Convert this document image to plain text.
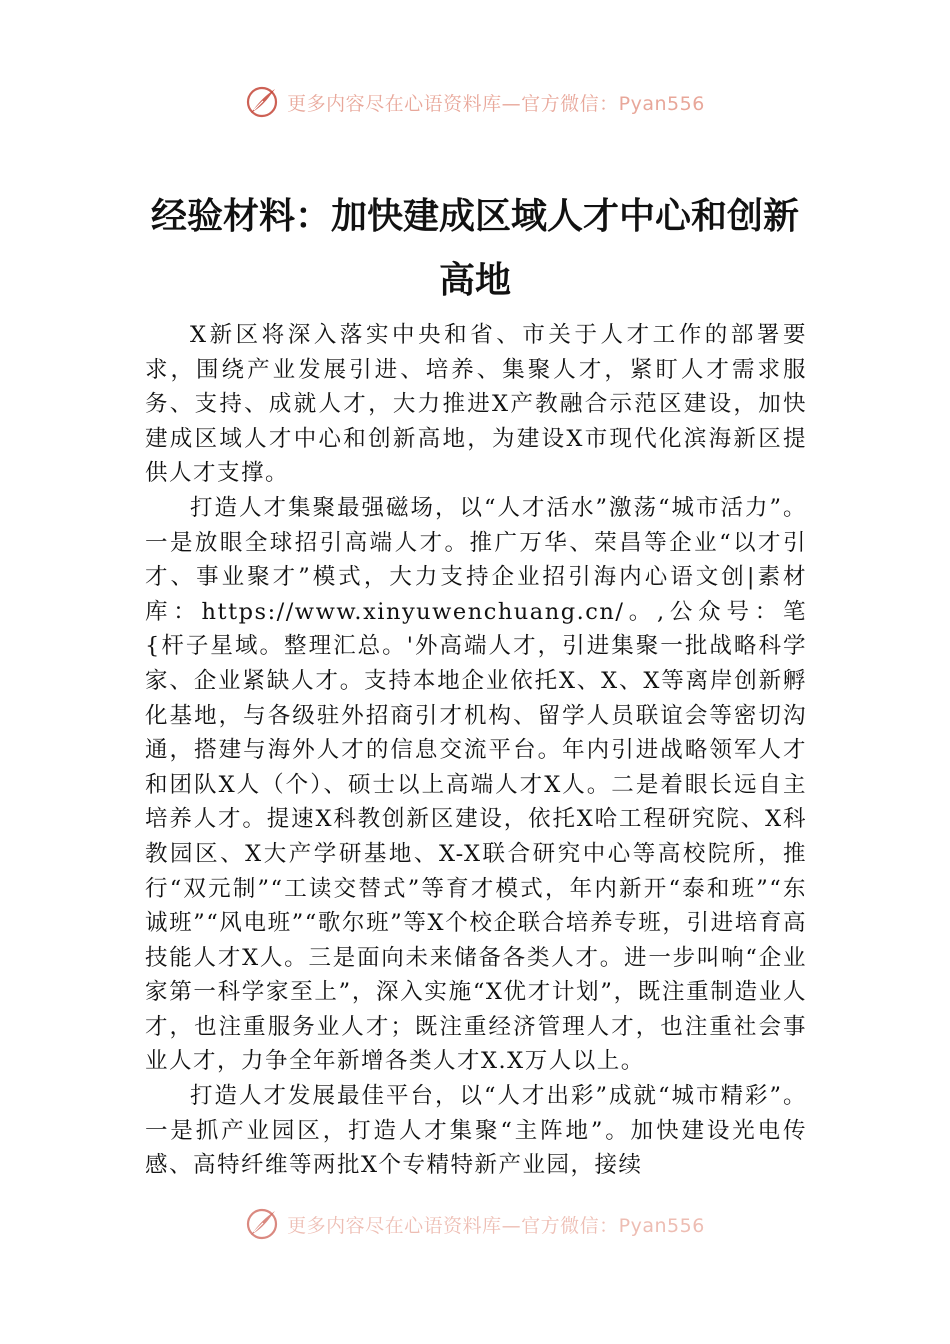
更多内容尽在心语资料库—官方微信：Pyan556
经验材料：加快建成区域人才中心和创新
高地

X新区将深入落实中央和省、市关于人才工作的部署要求，围绕产业发展引进、培养、集聚人才，紧盯人才需求服务、支持、成就人才，大力推进X产教融合示范区建设，加快建成区域人才中心和创新高地，为建设X市现代化滨海新区提供人才支撑。

打造人才集聚最强磁场，以“人才活水”激荡“城市活力”。一是放眼全球招引高端人才。推广万华、荣昌等企业“以才引才、事业聚才”模式，大力支持企业招引海内心语文创|素材库：https://www.xinyuwenchuang.cn/。,公众号：笔{杆子星域。整理汇总。'外高端人才，引进集聚一批战略科学家、企业紧缺人才。支持本地企业依托X、X、X等离岸创新孵化基地，与各级驻外招商引才机构、留学人员联谊会等密切沟通，搭建与海外人才的信息交流平台。年内引进战略领军人才和团队X人（个）、硕士以上高端人才X人。二是着眼长远自主培养人才。提速X科教创新区建设，依托X哈工程研究院、X科教园区、X大产学研基地、X-X联合研究中心等高校院所，推行“双元制”“工读交替式”等育才模式，年内新开“泰和班”“东诚班”“风电班”“歌尔班”等X个校企联合培养专班，引进培育高技能人才X人。三是面向未来储备各类人才。进一步叫响“企业家第一科学家至上”，深入实施“X优才计划”，既注重制造业人才，也注重服务业人才；既注重经济管理人才，也注重社会事业人才，力争全年新增各类人才X.X万人以上。

打造人才发展最佳平台，以“人才出彩”成就“城市精彩”。一是抓产业园区，打造人才集聚“主阵地”。加快建设光电传感、高特纤维等两批X个专精特新产业园，接续

更多内容尽在心语资料库—官方微信：Pyan556
